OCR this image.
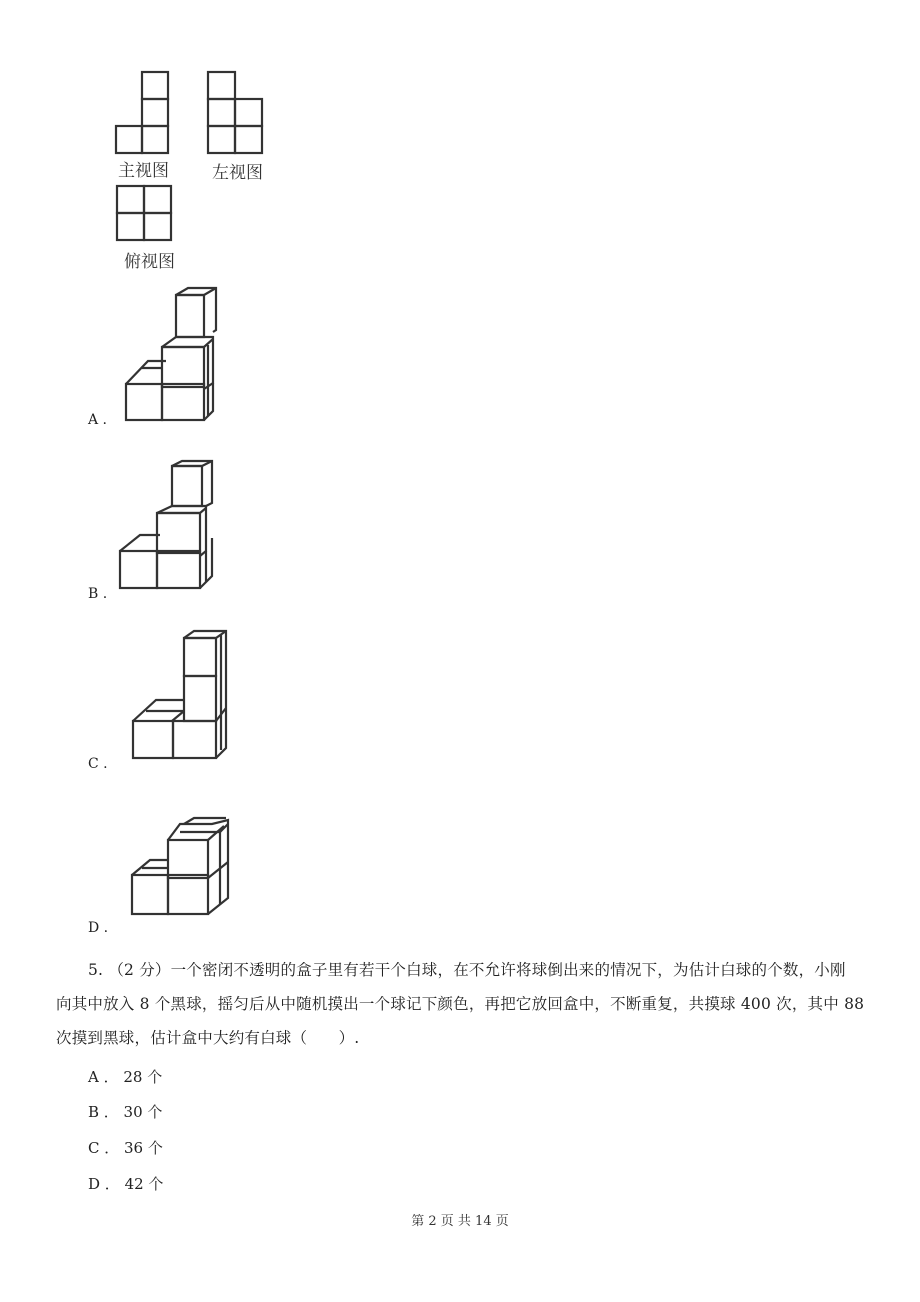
主视图	左视图
俯视图
A .
B .
C .
D .
5. （2 分）一个密闭不透明的盒子里有若干个白球，在不允许将球倒出来的情况下，为估计白球的个数，小刚
向其中放入 8 个黑球，摇匀后从中随机摸出一个球记下颜色，再把它放回盒中，不断重复，共摸球 400 次，其中 88
次摸到黑球，估计盒中大约有白球（　　）.
A ． 28 个
B ． 30 个
C ． 36 个
D ． 42 个
第 2 页 共 14 页
